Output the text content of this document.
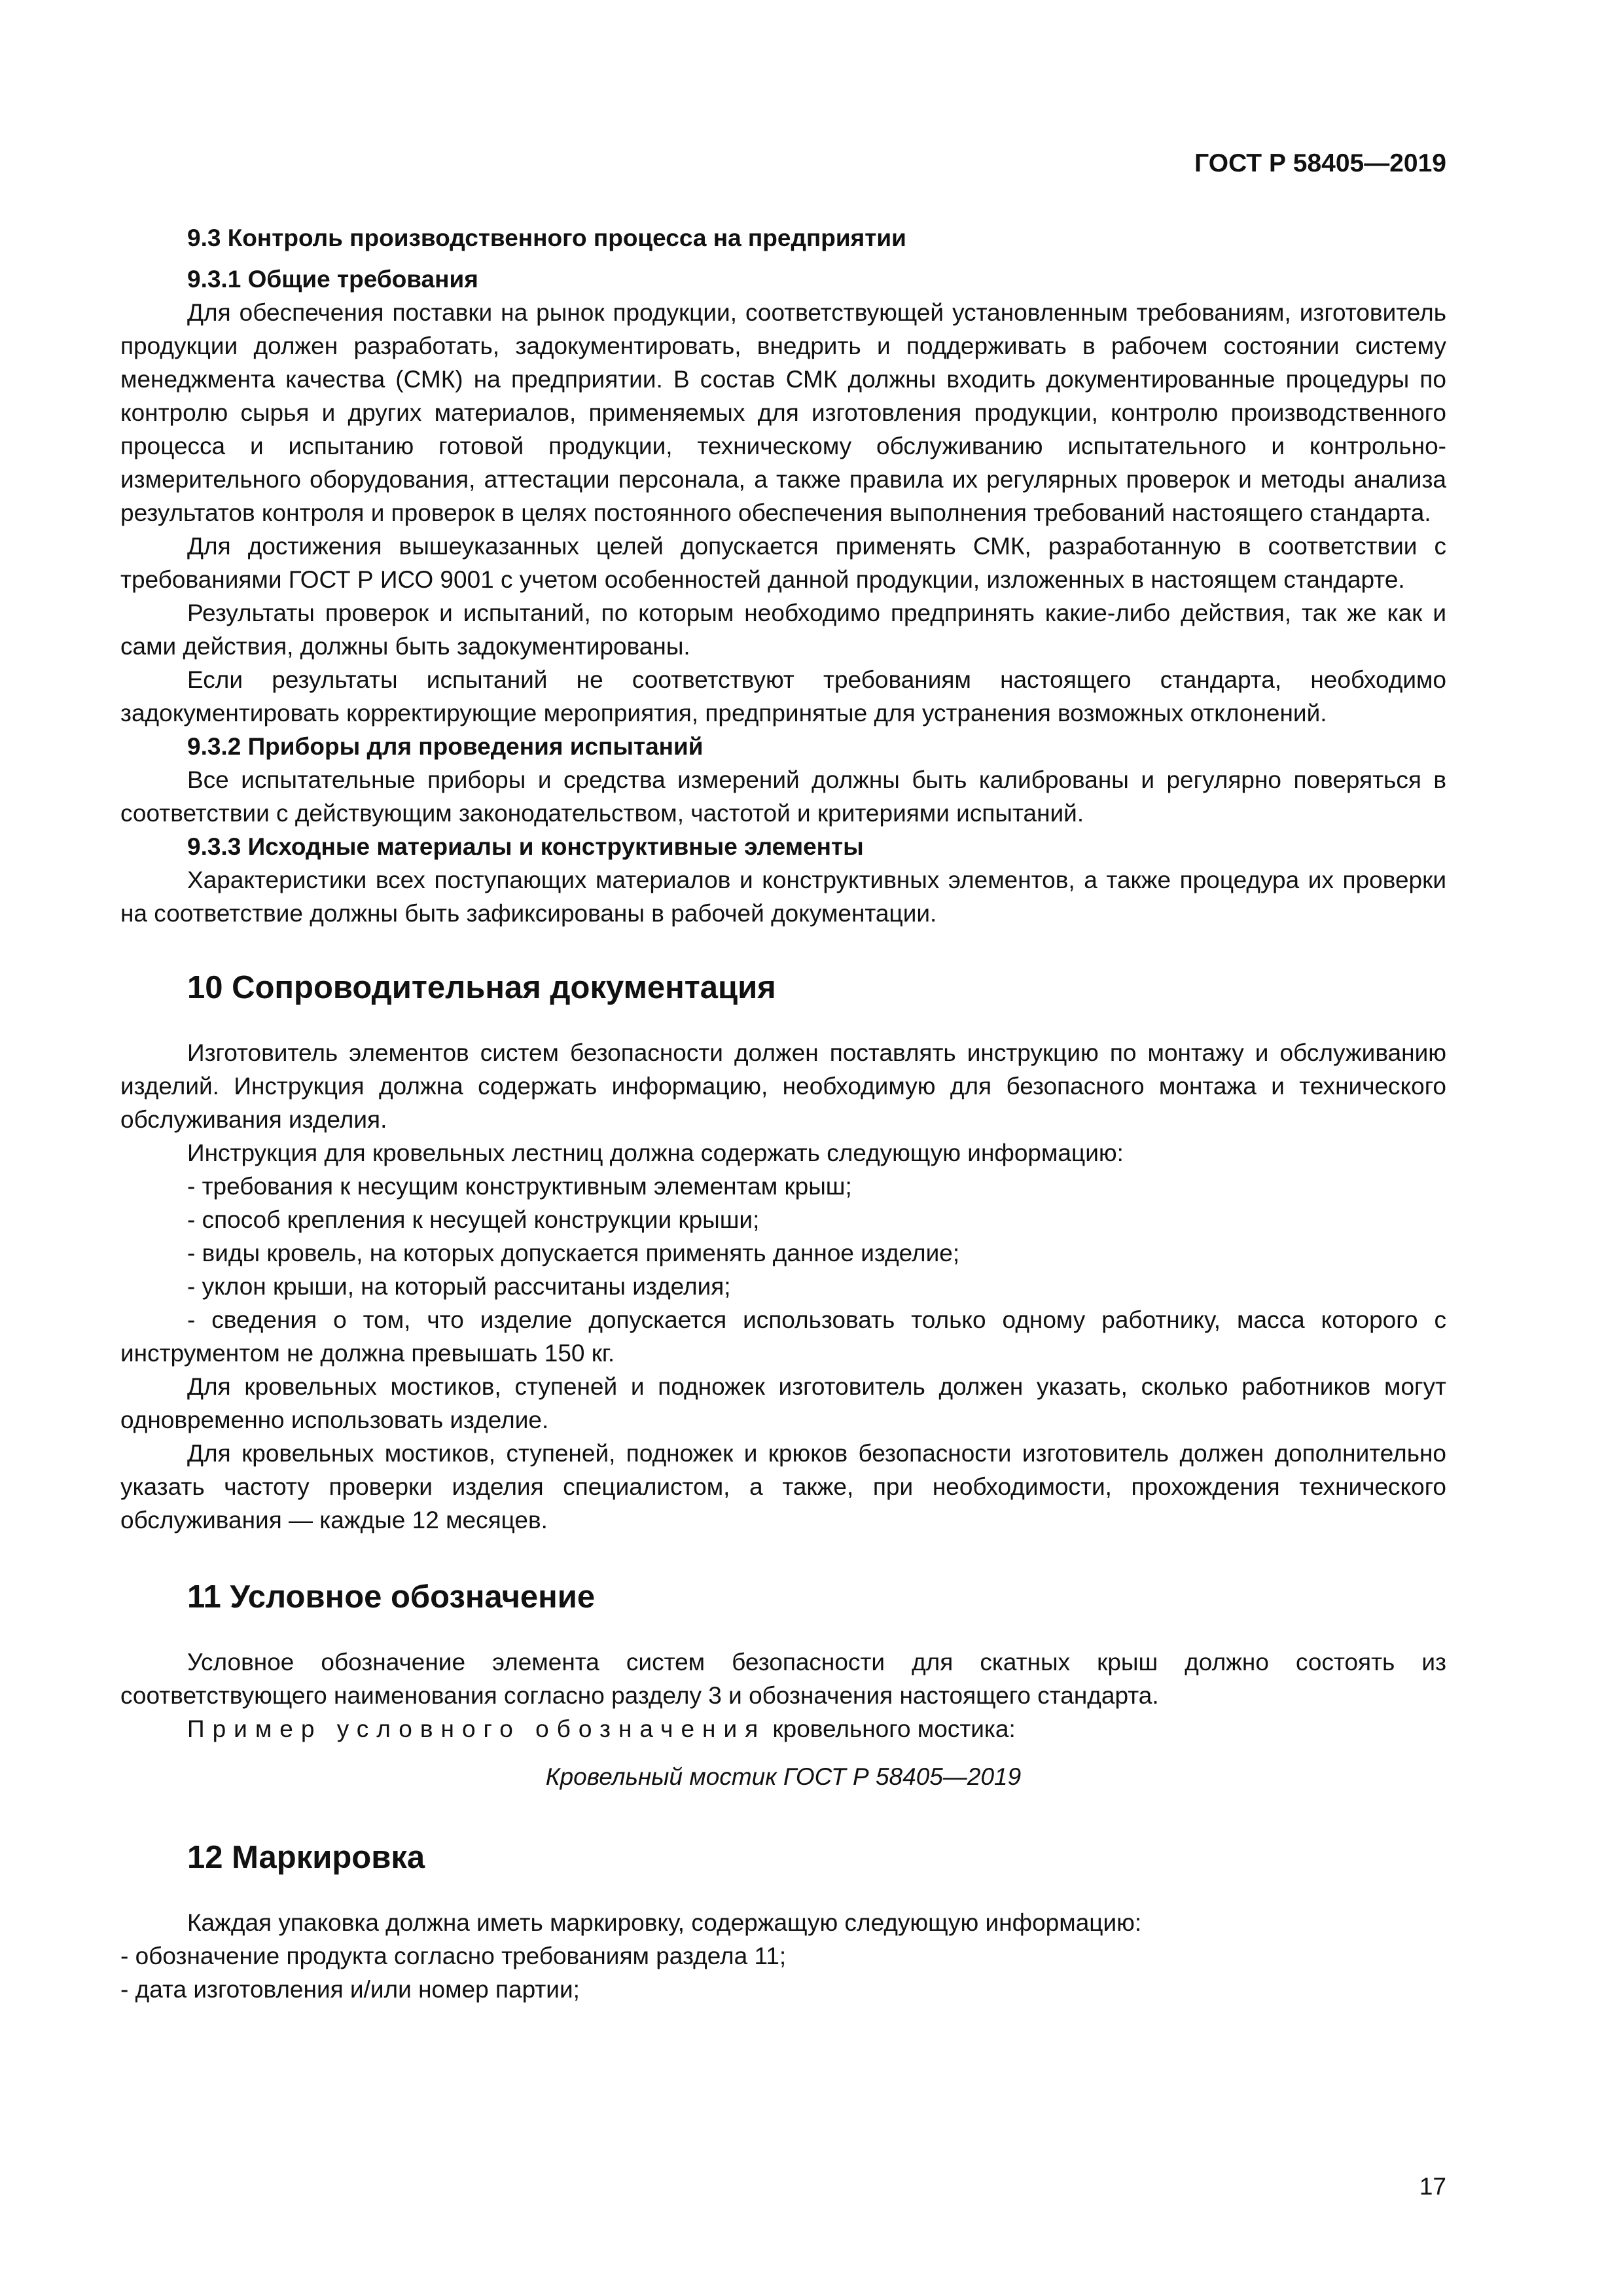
ГОСТ Р 58405—2019

9.3 Контроль производственного процесса на предприятии

9.3.1 Общие требования

Для обеспечения поставки на рынок продукции, соответствующей установленным требованиям, изготовитель продукции должен разработать, задокументировать, внедрить и поддерживать в рабочем состоянии систему менеджмента качества (СМК) на предприятии. В состав СМК должны входить документированные процедуры по контролю сырья и других материалов, применяемых для изготовления продукции, контролю производственного процесса и испытанию готовой продукции, техническому обслуживанию испытательного и контрольно-измерительного оборудования, аттестации персонала, а также правила их регулярных проверок и методы анализа результатов контроля и проверок в целях постоянного обеспечения выполнения требований настоящего стандарта.

Для достижения вышеуказанных целей допускается применять СМК, разработанную в соответствии с требованиями ГОСТ Р ИСО 9001 с учетом особенностей данной продукции, изложенных в настоящем стандарте.

Результаты проверок и испытаний, по которым необходимо предпринять какие-либо действия, так же как и сами действия, должны быть задокументированы.

Если результаты испытаний не соответствуют требованиям настоящего стандарта, необходимо задокументировать корректирующие мероприятия, предпринятые для устранения возможных отклонений.

9.3.2 Приборы для проведения испытаний

Все испытательные приборы и средства измерений должны быть калиброваны и регулярно поверяться в соответствии с действующим законодательством, частотой и критериями испытаний.

9.3.3 Исходные материалы и конструктивные элементы

Характеристики всех поступающих материалов и конструктивных элементов, а также процедура их проверки на соответствие должны быть зафиксированы в рабочей документации.

10 Сопроводительная документация

Изготовитель элементов систем безопасности должен поставлять инструкцию по монтажу и обслуживанию изделий. Инструкция должна содержать информацию, необходимую для безопасного монтажа и технического обслуживания изделия.

Инструкция для кровельных лестниц должна содержать следующую информацию:

- требования к несущим конструктивным элементам крыш;

- способ крепления к несущей конструкции крыши;

- виды кровель, на которых допускается применять данное изделие;

- уклон крыши, на который рассчитаны изделия;

- сведения о том, что изделие допускается использовать только одному работнику, масса которого с инструментом не должна превышать 150 кг.

Для кровельных мостиков, ступеней и подножек изготовитель должен указать, сколько работников могут одновременно использовать изделие.

Для кровельных мостиков, ступеней, подножек и крюков безопасности изготовитель должен дополнительно указать частоту проверки изделия специалистом, а также, при необходимости, прохождения технического обслуживания — каждые 12 месяцев.

11 Условное обозначение

Условное обозначение элемента систем безопасности для скатных крыш должно состоять из соответствующего наименования согласно разделу 3 и обозначения настоящего стандарта.

Пример условного обозначения кровельного мостика:

Кровельный мостик ГОСТ Р 58405—2019

12 Маркировка

Каждая упаковка должна иметь маркировку, содержащую следующую информацию:

- обозначение продукта согласно требованиям раздела 11;

- дата изготовления и/или номер партии;

17
